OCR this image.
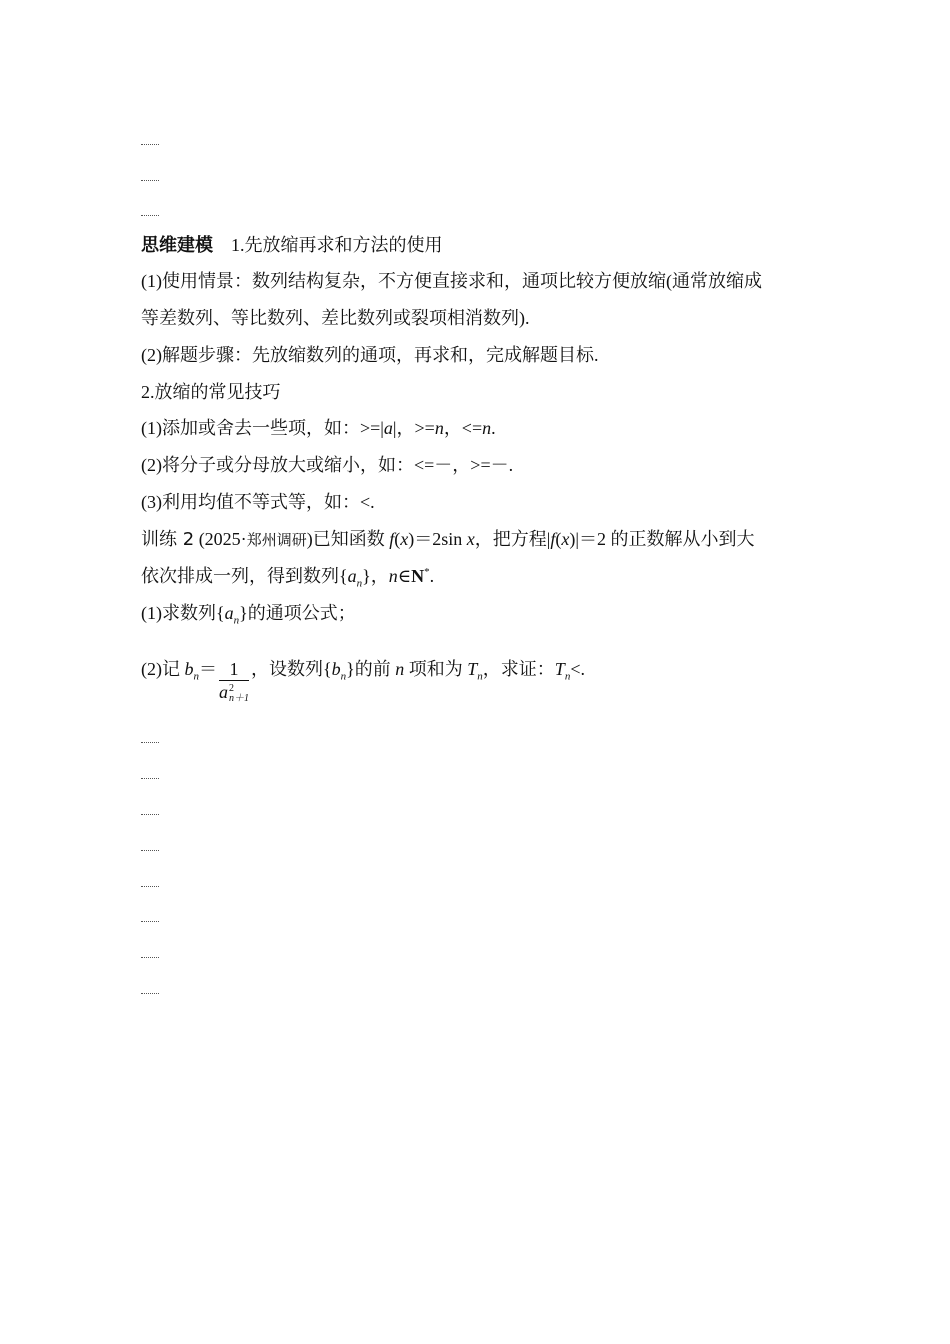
思维建模 1.先放缩再求和方法的使用
(1)使用情景：数列结构复杂，不方便直接求和，通项比较方便放缩(通常放缩成
等差数列、等比数列、差比数列或裂项相消数列).
(2)解题步骤：先放缩数列的通项，再求和，完成解题目标.
2.放缩的常见技巧
(1)添加或舍去一些项，如：>=|a|，>=n，<=n.
(2)将分子或分母放大或缩小，如：<=－，>=－.
(3)利用均值不等式等，如：<.
训练 2 (2025·郑州调研)已知函数 f(x)＝2sin x，把方程|f(x)|＝2 的正数解从小到大
依次排成一列，得到数列$\{a_n\}$，n∈N*.
(1)求数列$\{a_n\}$的通项公式；
(2)记 $b_n= 1$
a 2
n＋1 ，设数列$\{b_n\}$的前 n 项和为 $T_n$，求证：$T_n<$.
